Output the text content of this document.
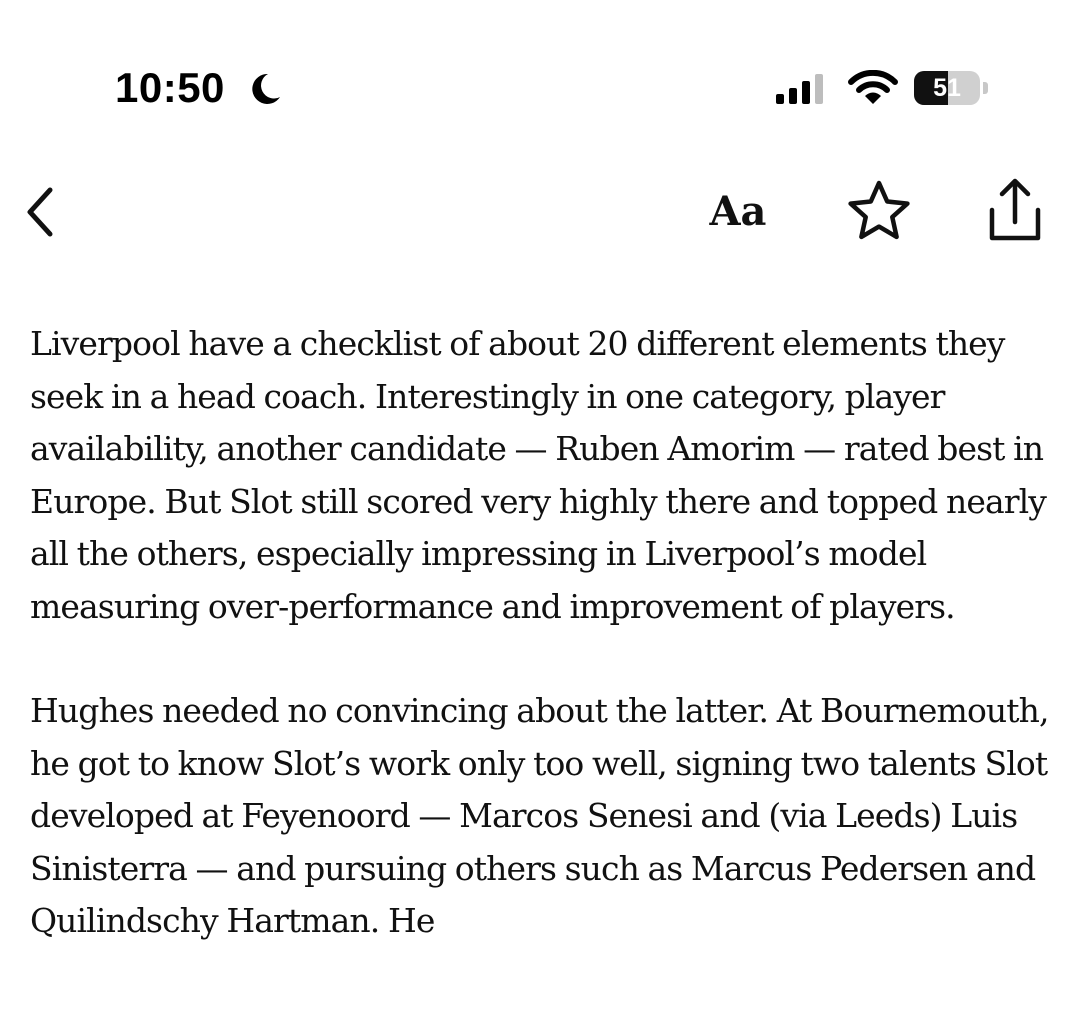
10:50	51
Aa

Liverpool have a checklist of about 20 different elements they seek in a head coach. Interestingly in one category, player availability, another candidate — Ruben Amorim — rated best in Europe. But Slot still scored very highly there and topped nearly all the others, especially impressing in Liverpool’s model measuring over-performance and improvement of players.

Hughes needed no convincing about the latter. At Bournemouth, he got to know Slot’s work only too well, signing two talents Slot developed at Feyenoord — Marcos Senesi and (via Leeds) Luis Sinisterra — and pursuing others such as Marcus Pedersen and Quilindschy Hartman. He
